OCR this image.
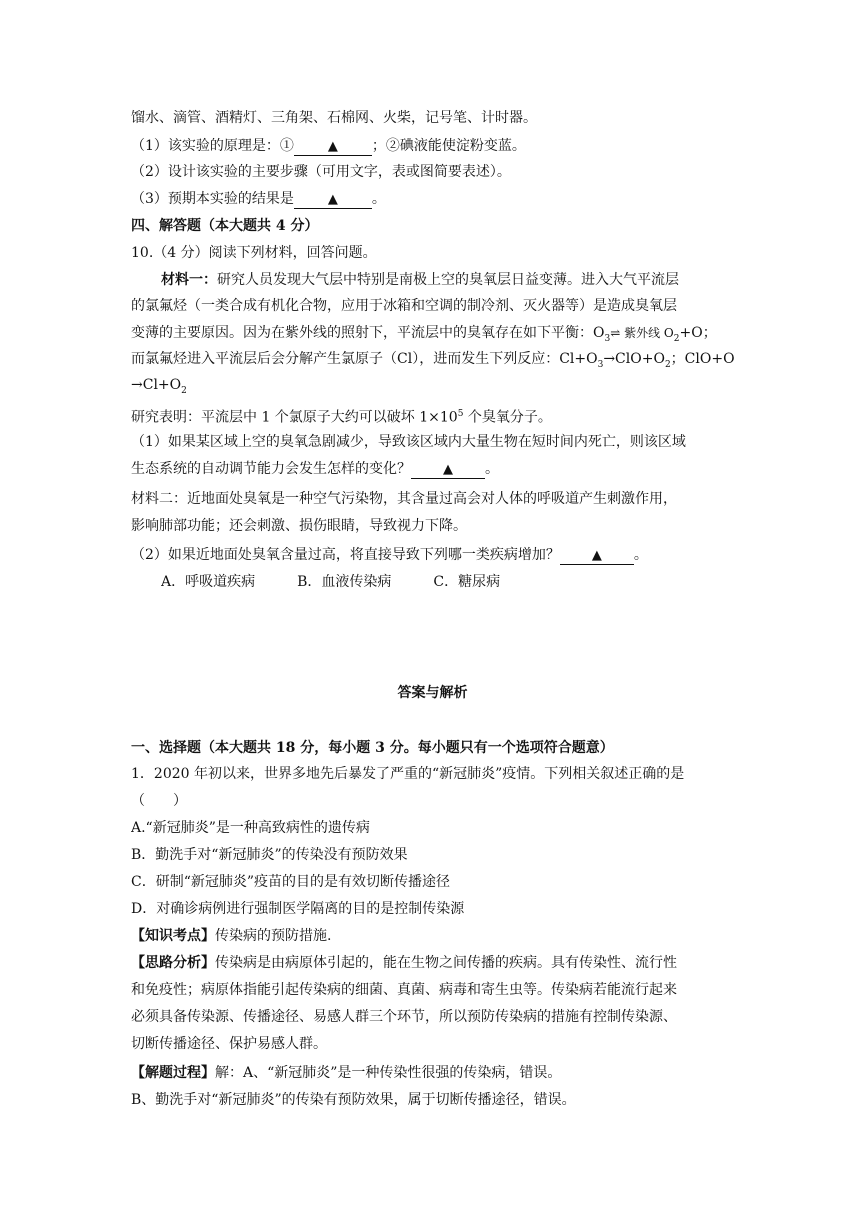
馏水、滴管、酒精灯、三角架、石棉网、火柴，记号笔、计时器。
（1）该实验的原理是：①	▲ ；②碘液能使淀粉变蓝。
（2）设计该实验的主要步骤（可用文字，表或图简要表述）。
（3）预期本实验的结果是	▲ 。
四、解答题（本大题共 4 分）
10.（4 分）阅读下列材料，回答问题。
材料一：研究人员发现大气层中特别是南极上空的臭氧层日益变薄。进入大气平流层
的氯氟烃（一类合成有机化合物，应用于冰箱和空调的制冷剂、灭火器等）是造成臭氧层
变薄的主要原因。因为在紫外线的照射下，平流层中的臭氧存在如下平衡：$O_3\rightleftharpoons$ 紫外线 $O_2+O$；
而氯氟烃进入平流层后会分解产生氯原子（Cl），进而发生下列反应：$Cl+O_3\to ClO+O_2$；ClO+O
$\to Cl+O_2$
研究表明：平流层中 1 个氯原子大约可以破坏 $1\times 10^5$ 个臭氧分子。
（1）如果某区域上空的臭氧急剧减少，导致该区域内大量生物在短时间内死亡，则该区域
生态系统的自动调节能力会发生怎样的变化？ ▲ 。
材料二：近地面处臭氧是一种空气污染物，其含量过高会对人体的呼吸道产生刺激作用，
影响肺部功能；还会刺激、损伤眼睛，导致视力下降。
（2）如果近地面处臭氧含量过高，将直接导致下列哪一类疾病增加？ ▲ 。
A．呼吸道疾病	B．血液传染病	C．糖尿病
答案与解析
一、选择题（本大题共 18 分，每小题 3 分。每小题只有一个选项符合题意）
1．2020 年初以来，世界多地先后暴发了严重的“新冠肺炎”疫情。下列相关叙述正确的是
（　　）
A.“新冠肺炎”是一种高致病性的遗传病
B．勤洗手对“新冠肺炎”的传染没有预防效果
C．研制“新冠肺炎”疫苗的目的是有效切断传播途径
D．对确诊病例进行强制医学隔离的目的是控制传染源
【知识考点】传染病的预防措施.
【思路分析】传染病是由病原体引起的，能在生物之间传播的疾病。具有传染性、流行性
和免疫性；病原体指能引起传染病的细菌、真菌、病毒和寄生虫等。传染病若能流行起来
必须具备传染源、传播途径、易感人群三个环节，所以预防传染病的措施有控制传染源、
切断传播途径、保护易感人群。
【解题过程】解：A、“新冠肺炎”是一种传染性很强的传染病，错误。
B、勤洗手对“新冠肺炎”的传染有预防效果，属于切断传播途径，错误。
